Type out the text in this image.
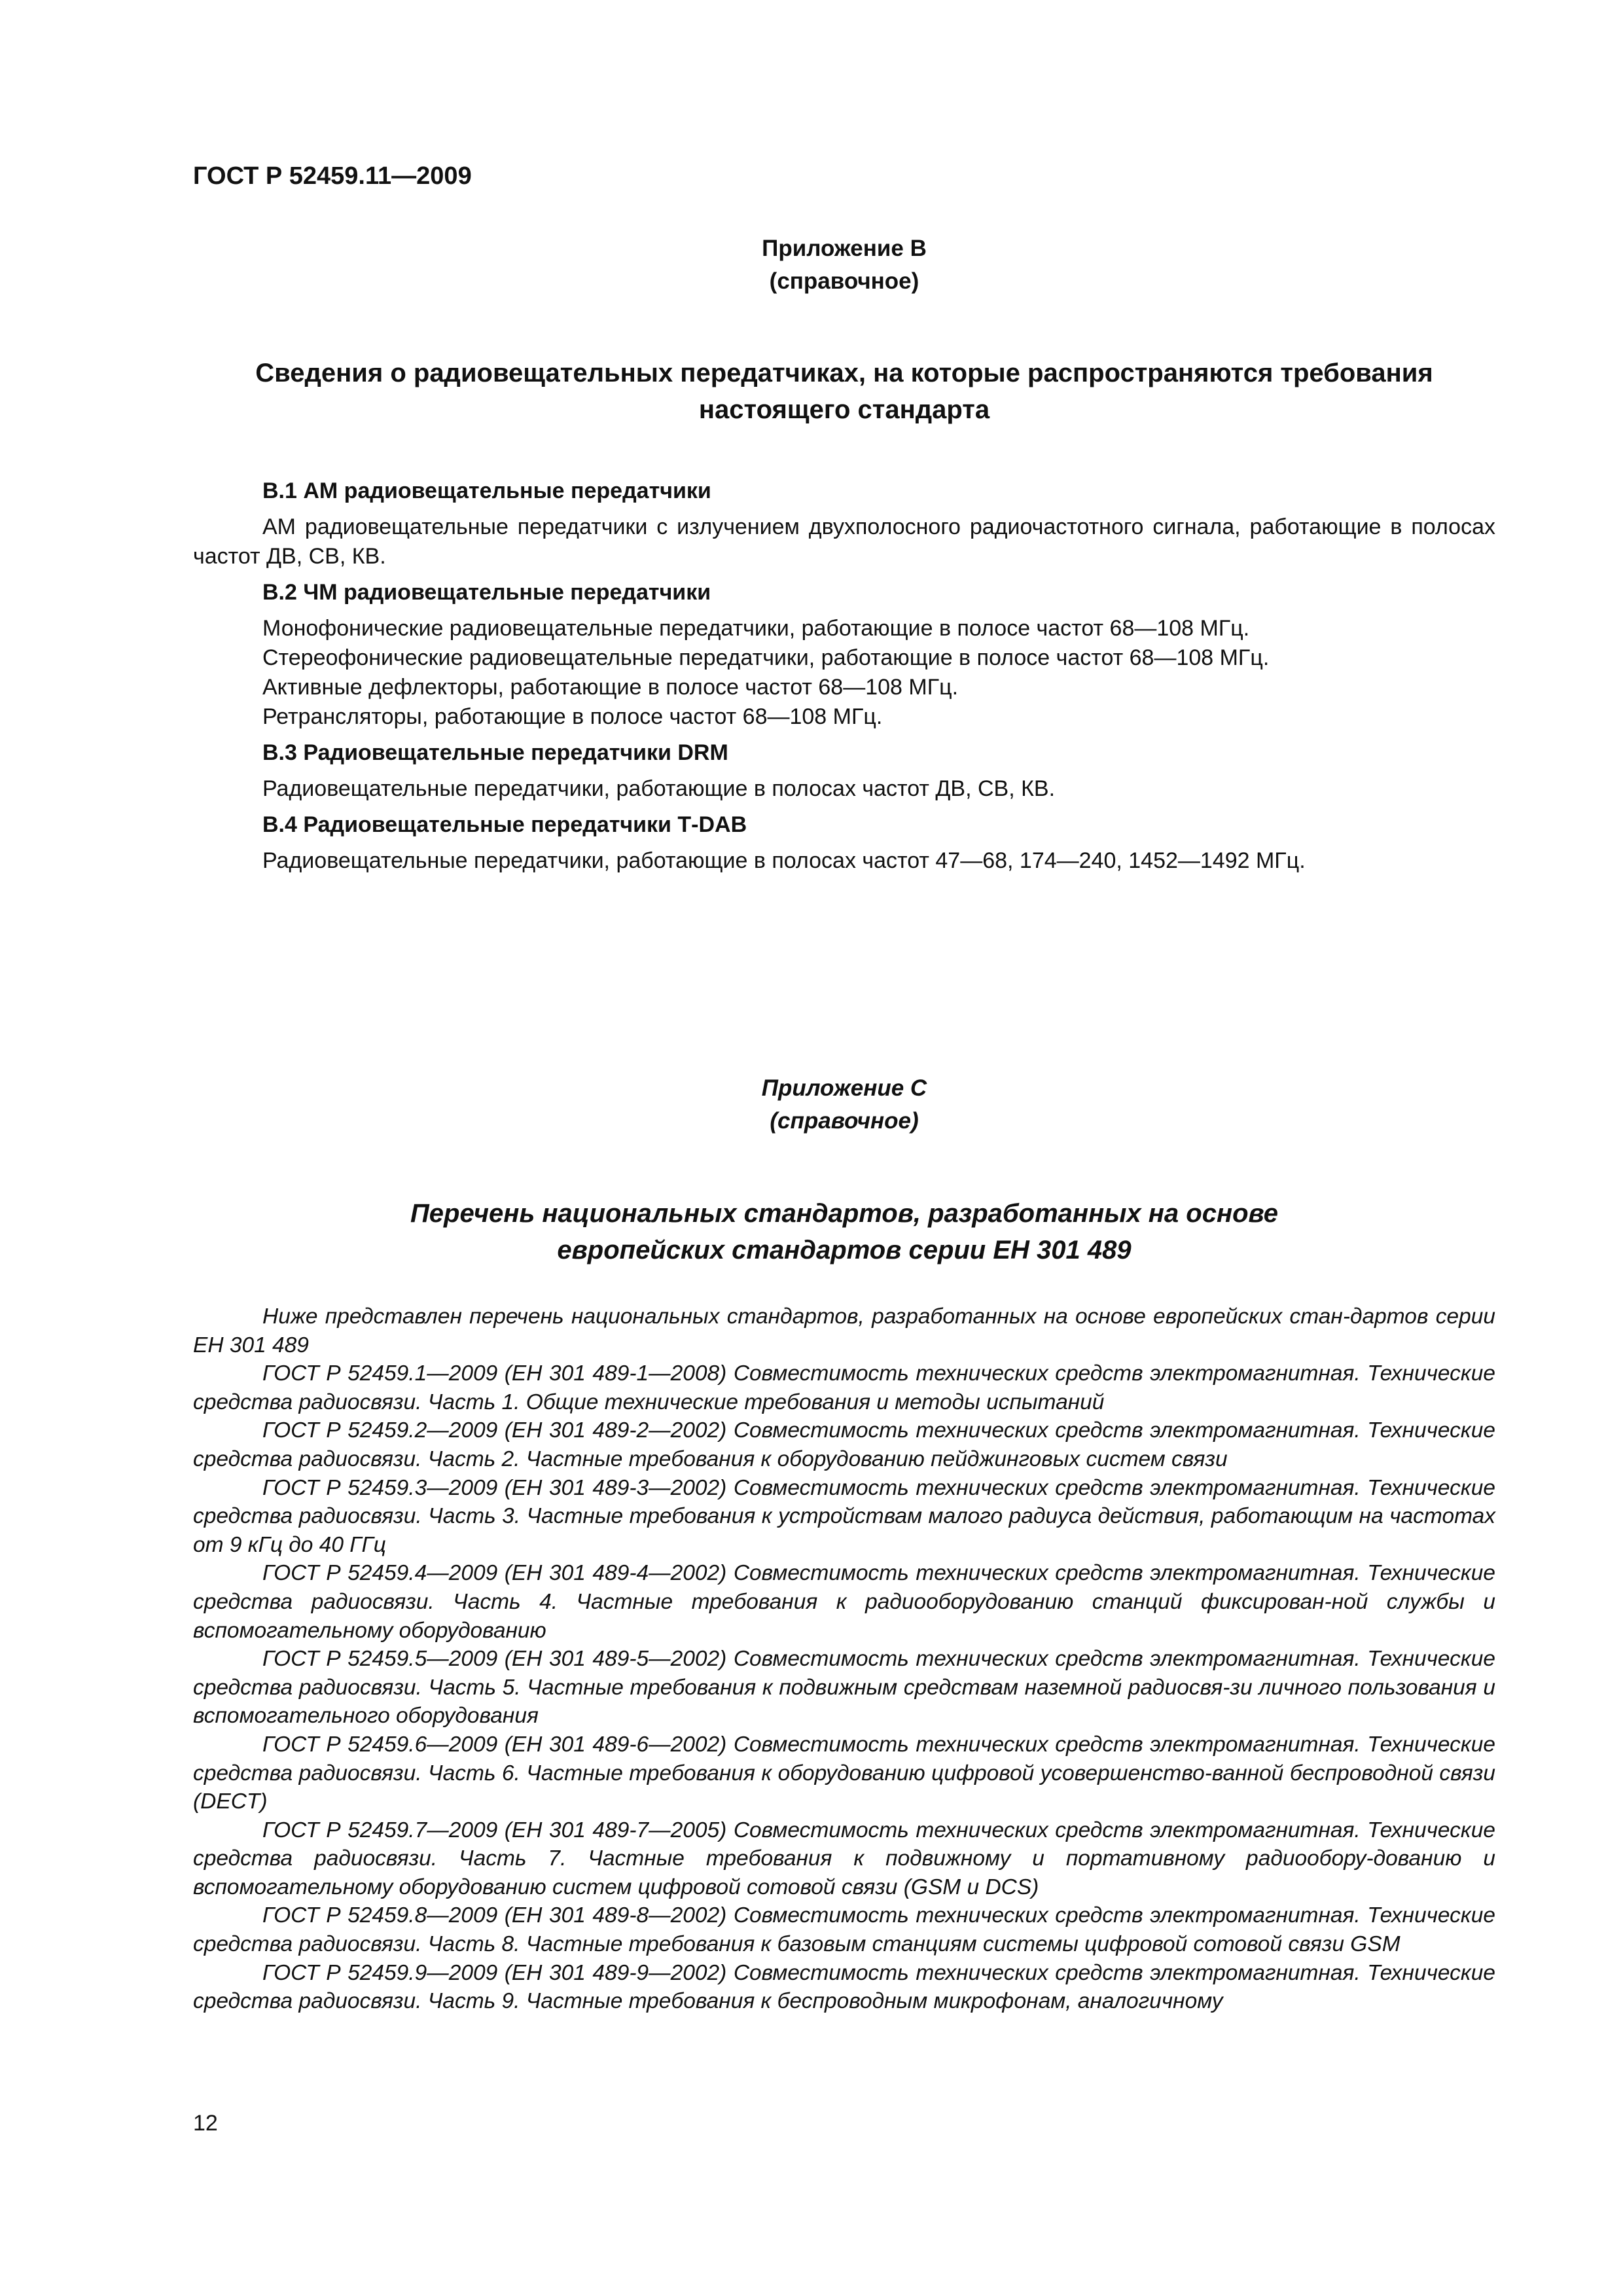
ГОСТ Р 52459.11—2009
Приложение В
(справочное)
Сведения о радиовещательных передатчиках, на которые распространяются требования
настоящего стандарта
В.1 АМ радиовещательные передатчики

АМ радиовещательные передатчики с излучением двухполосного радиочастотного сигнала, работающие в полосах частот ДВ, СВ, КВ.

В.2 ЧМ радиовещательные передатчики

Монофонические радиовещательные передатчики, работающие в полосе частот 68—108 МГц.

Стереофонические радиовещательные передатчики, работающие в полосе частот 68—108 МГц.

Активные дефлекторы, работающие в полосе частот 68—108 МГц.

Ретрансляторы, работающие в полосе частот 68—108 МГц.

В.3 Радиовещательные передатчики DRM

Радиовещательные передатчики, работающие в полосах частот ДВ, СВ, КВ.

В.4 Радиовещательные передатчики Т-DAB

Радиовещательные передатчики, работающие в полосах частот 47—68, 174—240, 1452—1492 МГц.

Приложение С
(справочное)
Перечень национальных стандартов, разработанных на основе
европейских стандартов серии ЕН 301 489

Ниже представлен перечень национальных стандартов, разработанных на основе европейских стан-дартов серии ЕН 301 489

ГОСТ Р 52459.1—2009 (ЕН 301 489-1—2008) Совместимость технических средств электромагнитная. Технические средства радиосвязи. Часть 1. Общие технические требования и методы испытаний

ГОСТ Р 52459.2—2009 (ЕН 301 489-2—2002) Совместимость технических средств электромагнитная. Технические средства радиосвязи. Часть 2. Частные требования к оборудованию пейджинговых систем связи

ГОСТ Р 52459.3—2009 (ЕН 301 489-3—2002) Совместимость технических средств электромагнитная. Технические средства радиосвязи. Часть 3. Частные требования к устройствам малого радиуса действия, работающим на частотах от 9 кГц до 40 ГГц

ГОСТ Р 52459.4—2009 (ЕН 301 489-4—2002) Совместимость технических средств электромагнитная. Технические средства радиосвязи. Часть 4. Частные требования к радиооборудованию станций фиксирован-ной службы и вспомогательному оборудованию

ГОСТ Р 52459.5—2009 (ЕН 301 489-5—2002) Совместимость технических средств электромагнитная. Технические средства радиосвязи. Часть 5. Частные требования к подвижным средствам наземной радиосвя-зи личного пользования и вспомогательного оборудования

ГОСТ Р 52459.6—2009 (ЕН 301 489-6—2002) Совместимость технических средств электромагнитная. Технические средства радиосвязи. Часть 6. Частные требования к оборудованию цифровой усовершенство-ванной беспроводной связи (DECT)

ГОСТ Р 52459.7—2009 (ЕН 301 489-7—2005) Совместимость технических средств электромагнитная. Технические средства радиосвязи. Часть 7. Частные требования к подвижному и портативному радиообору-дованию и вспомогательному оборудованию систем цифровой сотовой связи (GSM и DCS)

ГОСТ Р 52459.8—2009 (ЕН 301 489-8—2002) Совместимость технических средств электромагнитная. Технические средства радиосвязи. Часть 8. Частные требования к базовым станциям системы цифровой сотовой связи GSM

ГОСТ Р 52459.9—2009 (ЕН 301 489-9—2002) Совместимость технических средств электромагнитная. Технические средства радиосвязи. Часть 9. Частные требования к беспроводным микрофонам, аналогичному

12
